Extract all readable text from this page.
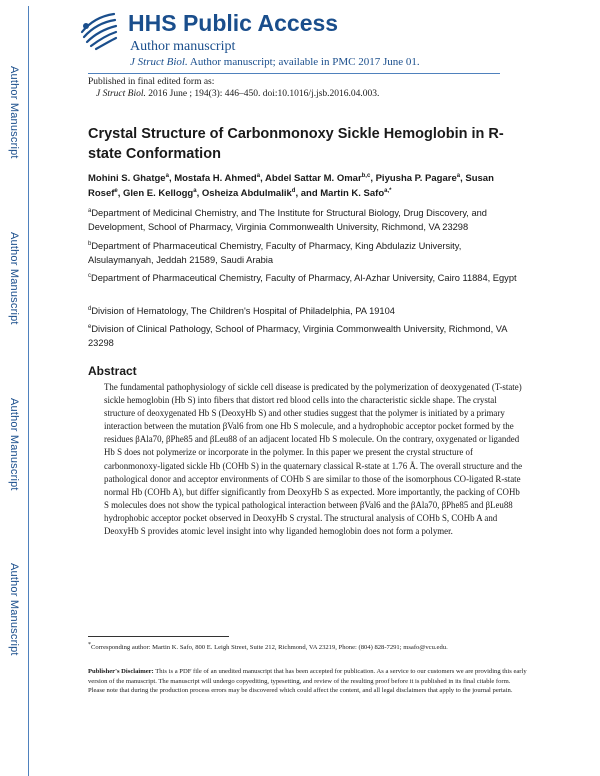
Author Manuscript
Author Manuscript
Author Manuscript
Author Manuscript
HHS Public Access
Author manuscript
J Struct Biol. Author manuscript; available in PMC 2017 June 01.
Published in final edited form as:
J Struct Biol. 2016 June ; 194(3): 446–450. doi:10.1016/j.jsb.2016.04.003.
Crystal Structure of Carbonmonoxy Sickle Hemoglobin in R-state Conformation
Mohini S. Ghatge$^a$, Mostafa H. Ahmed$^a$, Abdel Sattar M. Omar$^{b,c}$, Piyusha P. Pagare$^a$, Susan Rosef$^e$, Glen E. Kellogg$^a$, Osheiza Abdulmalik$^d$, and Martin K. Safo$^{a,*}$
$^a$Department of Medicinal Chemistry, and The Institute for Structural Biology, Drug Discovery, and Development, School of Pharmacy, Virginia Commonwealth University, Richmond, VA 23298
$^b$Department of Pharmaceutical Chemistry, Faculty of Pharmacy, King Abdulaziz University, Alsulaymanyah, Jeddah 21589, Saudi Arabia
$^c$Department of Pharmaceutical Chemistry, Faculty of Pharmacy, Al-Azhar University, Cairo 11884, Egypt
$^d$Division of Hematology, The Children's Hospital of Philadelphia, PA 19104
$^e$Division of Clinical Pathology, School of Pharmacy, Virginia Commonwealth University, Richmond, VA 23298
Abstract

The fundamental pathophysiology of sickle cell disease is predicated by the polymerization of deoxygenated (T-state) sickle hemoglobin (Hb S) into fibers that distort red blood cells into the characteristic sickle shape. The crystal structure of deoxygenated Hb S (DeoxyHb S) and other studies suggest that the polymer is initiated by a primary interaction between the mutation βVal6 from one Hb S molecule, and a hydrophobic acceptor pocket formed by the residues βAla70, βPhe85 and βLeu88 of an adjacent located Hb S molecule. On the contrary, oxygenated or liganded Hb S does not polymerize or incorporate in the polymer. In this paper we present the crystal structure of carbonmonoxy-ligated sickle Hb (COHb S) in the quaternary classical R-state at 1.76 Å. The overall structure and the pathological donor and acceptor environments of COHb S are similar to those of the isomorphous CO-ligated R-state normal Hb (COHb A), but differ significantly from DeoxyHb S as expected. More importantly, the packing of COHb S molecules does not show the typical pathological interaction between βVal6 and the βAla70, βPhe85 and βLeu88 hydrophobic acceptor pocket observed in DeoxyHb S crystal. The structural analysis of COHb S, COHb A and DeoxyHb S provides atomic level insight into why liganded hemoglobin does not form a polymer.

*Corresponding author: Martin K. Safo, 800 E. Leigh Street, Suite 212, Richmond, VA 23219, Phone: (804) 828-7291; msafo@vcu.edu.
Publisher's Disclaimer: This is a PDF file of an unedited manuscript that has been accepted for publication. As a service to our customers we are providing this early version of the manuscript. The manuscript will undergo copyediting, typesetting, and review of the resulting proof before it is published in its final citable form. Please note that during the production process errors may be discovered which could affect the content, and all legal disclaimers that apply to the journal pertain.
